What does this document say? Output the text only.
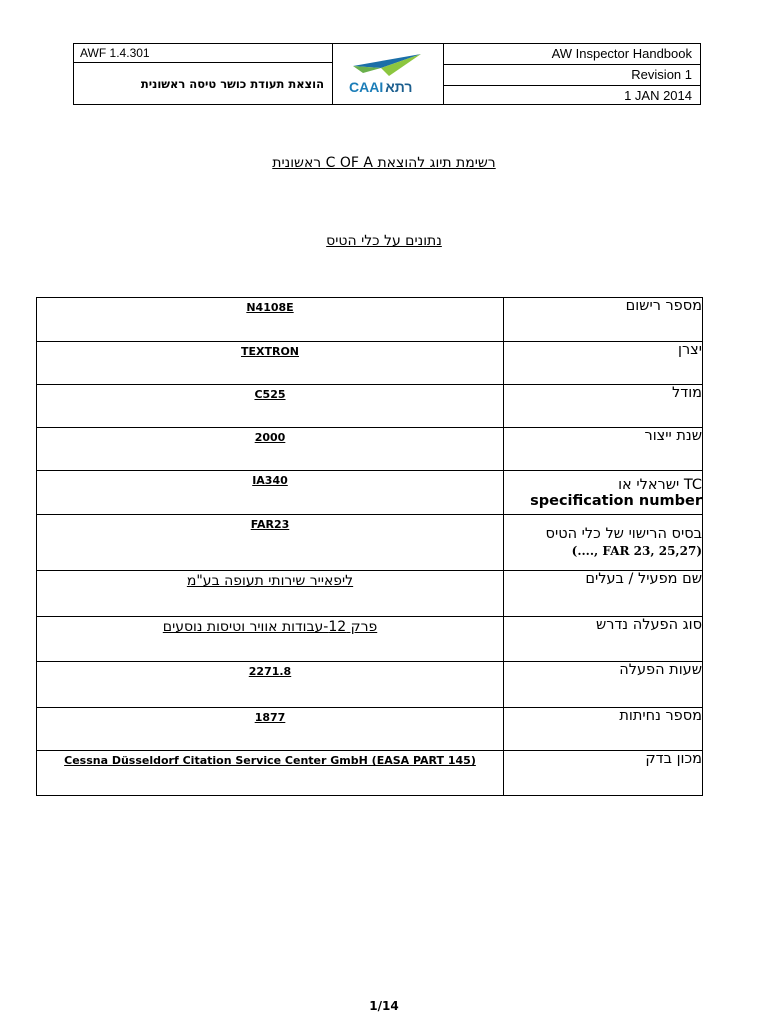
AWF 1.4.301
הוצאת תעודת כושר טיסה ראשונית	CAAI רתא
AW Inspector Handbook
Revision 1
1 JAN 2014
רשימת תיוג להוצאת C OF A ראשונית
נתונים על כלי הטיס
N4108E	מספר רישום
TEXTRON	יצרן
C525	מודל
2000	שנת ייצור
IA340	TC ישראלי או
specification number

FAR23	בסיס הרישוי של כלי הטיס
(FAR 23, 25,27 ,....)

ליפאייר שירותי תעופה בע"מ	שם מפעיל / בעלים
פרק 12-עבודות אוויר וטיסות נוסעים	סוג הפעלה נדרש
2271.8	שעות הפעלה
1877	מספר נחיתות
Cessna Düsseldorf Citation Service Center GmbH (EASA PART 145)	מכון בדק
1/14
